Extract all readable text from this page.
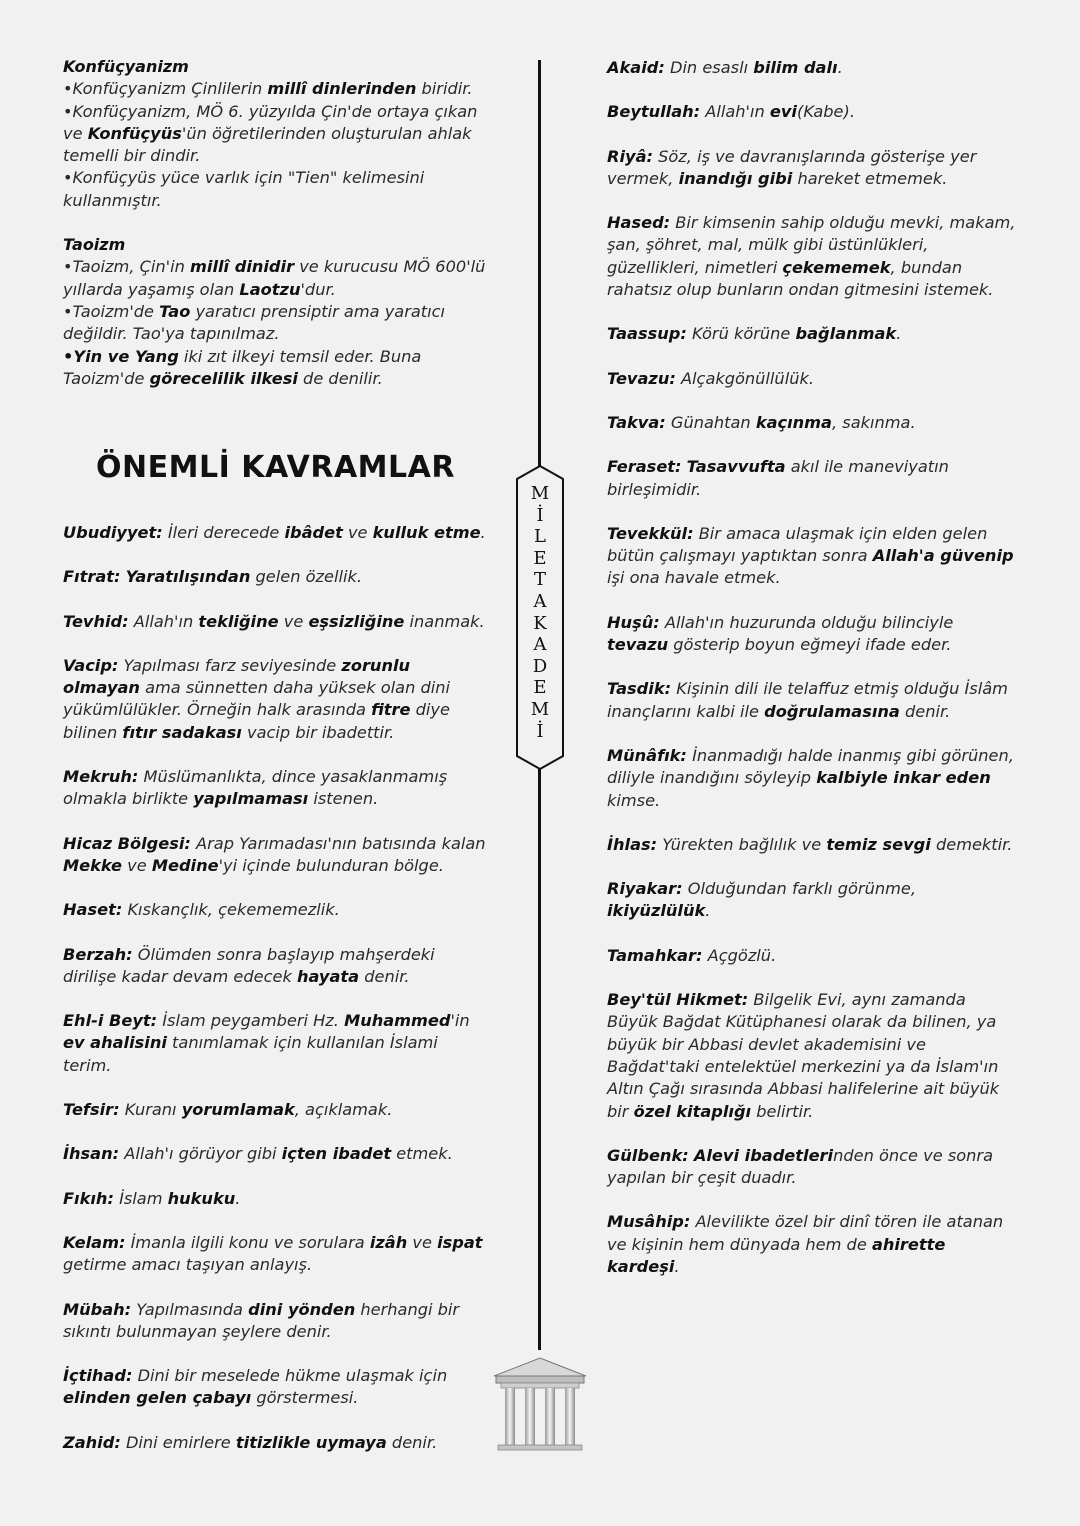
Konfüçyanizm

•Konfüçyanizm Çinlilerin millî dinlerinden biridir.

•Konfüçyanizm, MÖ 6. yüzyılda Çin'de ortaya çıkan ve Konfüçyüs'ün öğretilerinden oluşturulan ahlak temelli bir dindir.

•Konfüçyüs yüce varlık için "Tien" kelimesini kullanmıştır.

Taoizm

•Taoizm, Çin'in millî dinidir ve kurucusu MÖ 600'lü yıllarda yaşamış olan Laotzu'dur.

•Taoizm'de Tao yaratıcı prensiptir ama yaratıcı değildir. Tao'ya tapınılmaz.

•Yin ve Yang iki zıt ilkeyi temsil eder. Buna Taoizm'de görecelilik ilkesi de denilir.

ÖNEMLİ KAVRAMLAR

Ubudiyyet: İleri derecede ibâdet ve kulluk etme.

Fıtrat: Yaratılışından gelen özellik.

Tevhid: Allah'ın tekliğine ve eşsizliğine inanmak.

Vacip: Yapılması farz seviyesinde zorunlu olmayan ama sünnetten daha yüksek olan dini yükümlülükler. Örneğin halk arasında fitre diye bilinen fıtır sadakası vacip bir ibadettir.

Mekruh: Müslümanlıkta, dince yasaklanmamış olmakla birlikte yapılmaması istenen.

Hicaz Bölgesi: Arap Yarımadası'nın batısında kalan Mekke ve Medine'yi içinde bulunduran bölge.

Haset: Kıskançlık, çekememezlik.

Berzah: Ölümden sonra başlayıp mahşerdeki dirilişe kadar devam edecek hayata denir.

Ehl-i Beyt: İslam peygamberi Hz. Muhammed'in ev ahalisini tanımlamak için kullanılan İslami terim.

Tefsir: Kuranı yorumlamak, açıklamak.

İhsan: Allah'ı görüyor gibi içten ibadet etmek.

Fıkıh: İslam hukuku.

Kelam: İmanla ilgili konu ve sorulara izâh ve ispat getirme amacı taşıyan anlayış.

Mübah: Yapılmasında dini yönden herhangi bir sıkıntı bulunmayan şeylere denir.

İçtihad: Dini bir meselede hükme ulaşmak için elinden gelen çabayı görstermesi.

Zahid: Dini emirlere titizlikle uymaya denir.

Akaid: Din esaslı bilim dalı.

Beytullah: Allah'ın evi(Kabe).

Riyâ: Söz, iş ve davranışlarında gösterişe yer vermek, inandığı gibi hareket etmemek.

Hased: Bir kimsenin sahip olduğu mevki, makam, şan, şöhret, mal, mülk gibi üstünlükleri, güzellikleri, nimetleri çekememek, bundan rahatsız olup bunların ondan gitmesini istemek.

Taassup: Körü körüne bağlanmak.

Tevazu: Alçakgönüllülük.

Takva: Günahtan kaçınma, sakınma.

Feraset: Tasavvufta akıl ile maneviyatın birleşimidir.

Tevekkül: Bir amaca ulaşmak için elden gelen bütün çalışmayı yaptıktan sonra Allah'a güvenip işi ona havale etmek.

Huşû: Allah'ın huzurunda olduğu bilinciyle tevazu gösterip boyun eğmeyi ifade eder.

Tasdik: Kişinin dili ile telaffuz etmiş olduğu İslâm inançlarını kalbi ile doğrulamasına denir.

Münâfık: İnanmadığı halde inanmış gibi görünen, diliyle inandığını söyleyip kalbiyle inkar eden kimse.

İhlas: Yürekten bağlılık ve temiz sevgi demektir.

Riyakar: Olduğundan farklı görünme, ikiyüzlülük.

Tamahkar: Açgözlü.

Bey'tül Hikmet: Bilgelik Evi, aynı zamanda Büyük Bağdat Kütüphanesi olarak da bilinen, ya büyük bir Abbasi devlet akademisini ve Bağdat'taki entelektüel merkezini ya da İslam'ın Altın Çağı sırasında Abbasi halifelerine ait büyük bir özel kitaplığı belirtir.

Gülbenk: Alevi ibadetlerinden önce ve sonra yapılan bir çeşit duadır.

Musâhip: Alevilikte özel bir dinî tören ile atanan ve kişinin hem dünyada hem de ahirette kardeşi.

M
İ
L
E
T
A
K
A
D
E
M
İ
